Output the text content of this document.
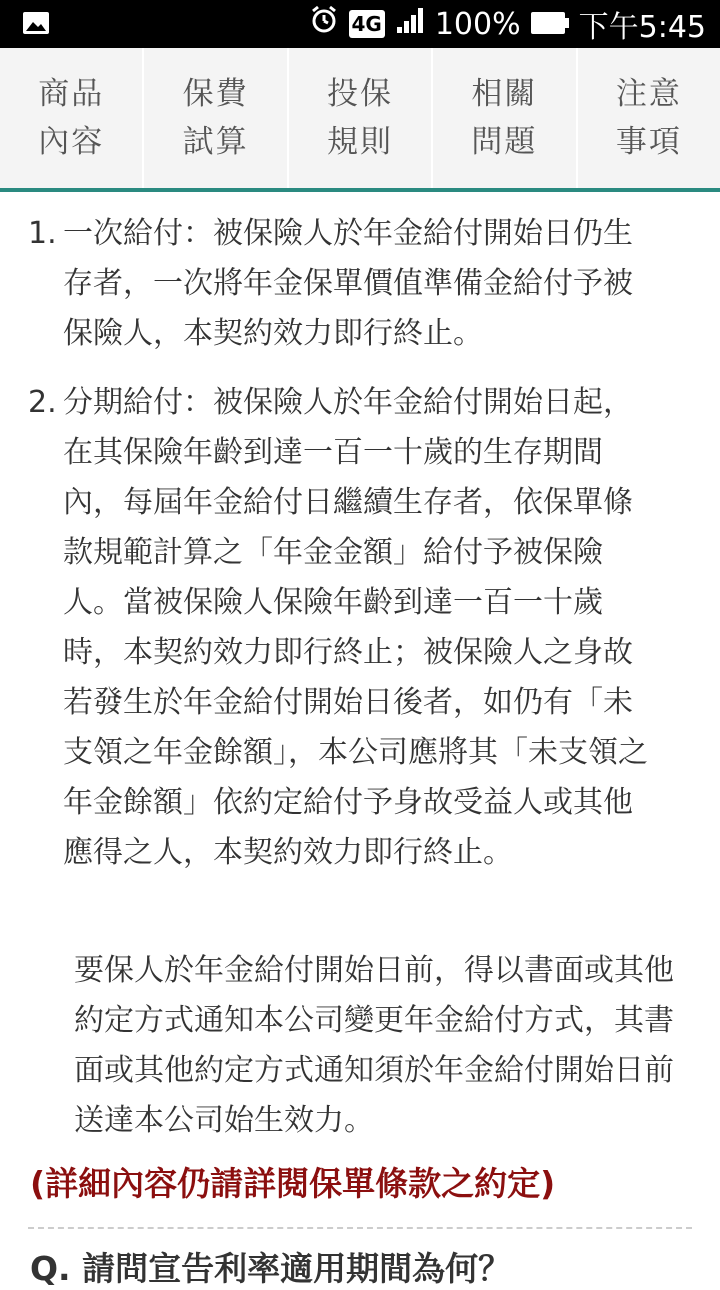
4G 100% 下午5:45
商品內容
保費試算
投保規則
相關問題
注意事項
1. 一次給付：被保險人於年金給付開始日仍生存者，一次將年金保單價值準備金給付予被保險人，本契約效力即行終止。
2. 分期給付：被保險人於年金給付開始日起，在其保險年齡到達一百一十歲的生存期間內，每屆年金給付日繼續生存者，依保單條款規範計算之「年金金額」給付予被保險人。當被保險人保險年齡到達一百一十歲時，本契約效力即行終止；被保險人之身故若發生於年金給付開始日後者，如仍有「未支領之年金餘額」，本公司應將其「未支領之年金餘額」依約定給付予身故受益人或其他應得之人，本契約效力即行終止。
要保人於年金給付開始日前，得以書面或其他約定方式通知本公司變更年金給付方式，其書面或其他約定方式通知須於年金給付開始日前送達本公司始生效力。
(詳細內容仍請詳閱保單條款之約定)
Q. 請問宣告利率適用期間為何？
